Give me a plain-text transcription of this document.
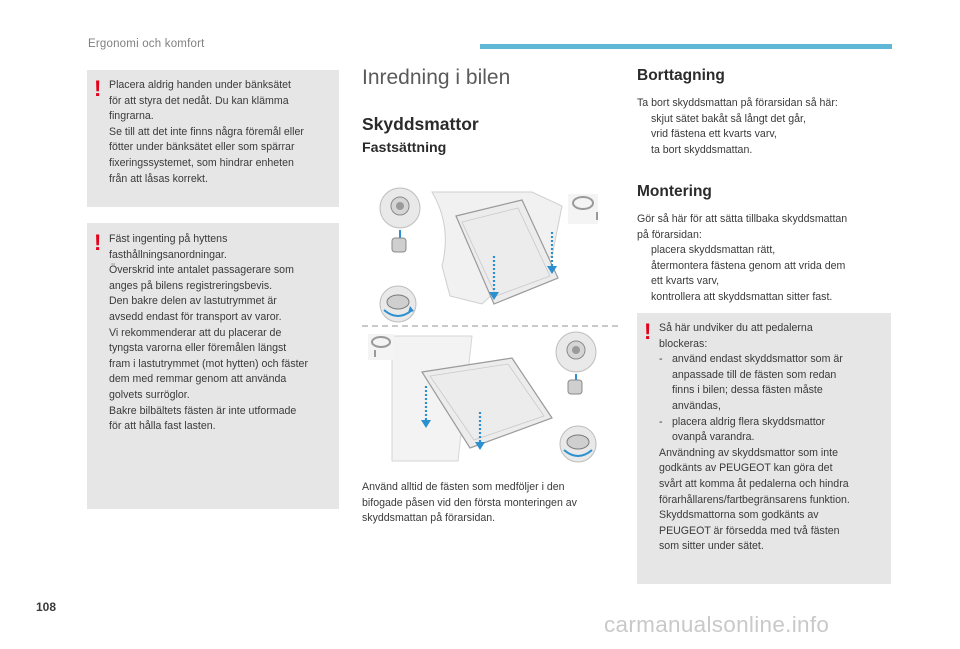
Ergonomi och komfort
! Placera aldrig handen under bänksätet
för att styra det nedåt. Du kan klämma
fingrarna.
Se till att det inte finns några föremål eller
fötter under bänksätet eller som spärrar
fixeringssystemet, som hindrar enheten
från att låsas korrekt.
! Fäst ingenting på hyttens
fasthållningsanordningar.
Överskrid inte antalet passagerare som
anges på bilens registreringsbevis.
Den bakre delen av lastutrymmet är
avsedd endast för transport av varor.
Vi rekommenderar att du placerar de
tyngsta varorna eller föremålen längst
fram i lastutrymmet (mot hytten) och fäster
dem med remmar genom att använda
golvets surröglor.
Bakre bilbältets fästen är inte utformade
för att hålla fast lasten.
Inredning i bilen
Skyddsmattor
Fastsättning
Använd alltid de fästen som medföljer i den
bifogade påsen vid den första monteringen av
skyddsmattan på förarsidan.
Borttagning
Ta bort skyddsmattan på förarsidan så här:
skjut sätet bakåt så långt det går,
vrid fästena ett kvarts varv,
ta bort skyddsmattan.
Montering
Gör så här för att sätta tillbaka skyddsmattan
på förarsidan:
placera skyddsmattan rätt,
återmontera fästena genom att vrida dem
ett kvarts varv,
kontrollera att skyddsmattan sitter fast.
! Så här undviker du att pedalerna
blockeras:
- använd endast skyddsmattor som är
anpassade till de fästen som redan
finns i bilen; dessa fästen måste
användas,
- placera aldrig flera skyddsmattor
ovanpå varandra.
Användning av skyddsmattor som inte
godkänts av PEUGEOT kan göra det
svårt att komma åt pedalerna och hindra
förarhållarens/fartbegränsarens funktion.
Skyddsmattorna som godkänts av
PEUGEOT är försedda med två fästen
som sitter under sätet.
108
carmanualsonline.info
